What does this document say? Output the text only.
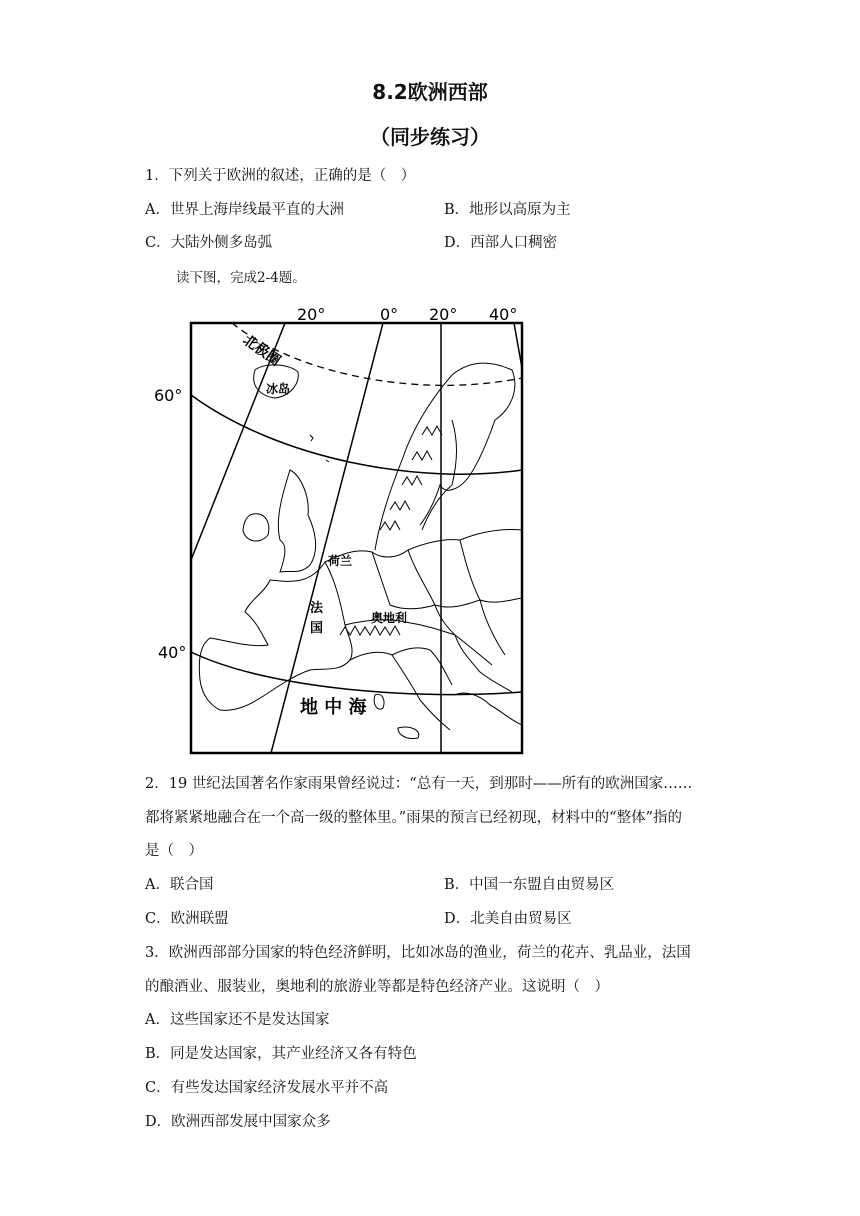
8.2欧洲西部
（同步练习）
1．下列关于欧洲的叙述，正确的是（　）
A．世界上海岸线最平直的大洲	B．地形以高原为主
C．大陆外侧多岛弧	D．西部人口稠密
读下图，完成2-4题。
20°	0° 20° 40°
60°
40°
北极圈
冰岛
荷兰
法
国
奥地利
地 中 海
2．19 世纪法国著名作家雨果曾经说过：“总有一天，到那时——所有的欧洲国家……
都将紧紧地融合在一个高一级的整体里。”雨果的预言已经初现，材料中的“整体”指的
是（　）
A．联合国	B．中国一东盟自由贸易区
C．欧洲联盟	D．北美自由贸易区
3．欧洲西部部分国家的特色经济鲜明，比如冰岛的渔业，荷兰的花卉、乳品业，法国
的酿酒业、服装业，奥地利的旅游业等都是特色经济产业。这说明（　）
A．这些国家还不是发达国家
B．同是发达国家，其产业经济又各有特色
C．有些发达国家经济发展水平并不高
D．欧洲西部发展中国家众多
